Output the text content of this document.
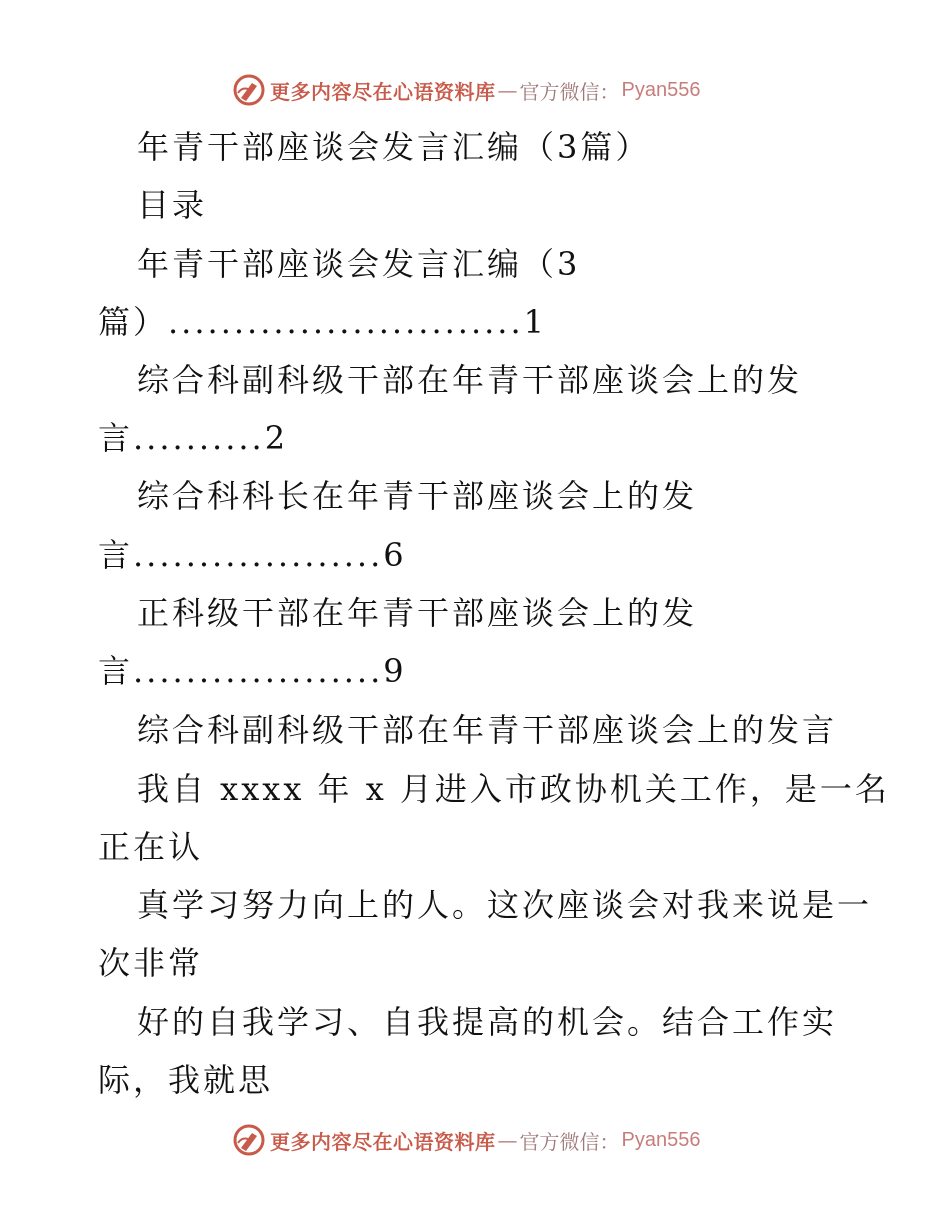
更多内容尽在心语资料库 — 官方微信： Pyan556
年青干部座谈会发言汇编（3篇）
目录
年青干部座谈会发言汇编（3
篇）...........................1
综合科副科级干部在年青干部座谈会上的发
言..........2
综合科科长在年青干部座谈会上的发
言...................6
正科级干部在年青干部座谈会上的发
言...................9
综合科副科级干部在年青干部座谈会上的发言
我自 xxxx 年 x 月进入市政协机关工作，是一名
正在认
真学习努力向上的人。这次座谈会对我来说是一
次非常
好的自我学习、自我提高的机会。结合工作实
际，我就思
更多内容尽在心语资料库 — 官方微信： Pyan556
